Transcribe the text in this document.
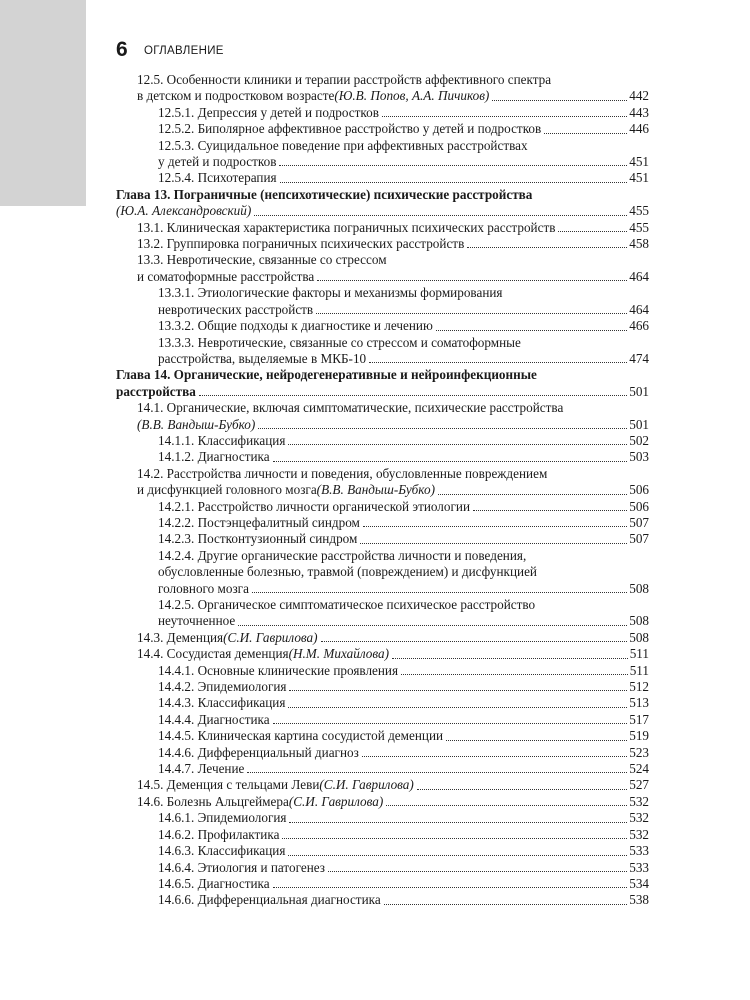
6 ОГЛАВЛЕНИЕ
12.5. Особенности клиники и терапии расстройств аффективного спектра
в детском и подростковом возрасте (Ю.В. Попов, А.А. Пичиков)	442
12.5.1. Депрессия у детей и подростков	443
12.5.2. Биполярное аффективное расстройство у детей и подростков	446
12.5.3. Суицидальное поведение при аффективных расстройствах
у детей и подростков	451
12.5.4. Психотерапия	451
Глава 13. Пограничные (непсихотические) психические расстройства
(Ю.А. Александровский)	455
13.1. Клиническая характеристика пограничных психических расстройств	455
13.2. Группировка пограничных психических расстройств	458
13.3. Невротические, связанные со стрессом
и соматоформные расстройства	464
13.3.1. Этиологические факторы и механизмы формирования
невротических расстройств	464
13.3.2. Общие подходы к диагностике и лечению	466
13.3.3. Невротические, связанные со стрессом и соматоформные
расстройства, выделяемые в МКБ-10	474
Глава 14. Органические, нейродегенеративные и нейроинфекционные
расстройства	501
14.1. Органические, включая симптоматические, психические расстройства
(В.В. Вандыш-Бубко)	501
14.1.1. Классификация	502
14.1.2. Диагностика	503
14.2. Расстройства личности и поведения, обусловленные повреждением
и дисфункцией головного мозга (В.В. Вандыш-Бубко)	506
14.2.1. Расстройство личности органической этиологии	506
14.2.2. Постэнцефалитный синдром	507
14.2.3. Постконтузионный синдром	507
14.2.4. Другие органические расстройства личности и поведения,
обусловленные болезнью, травмой (повреждением) и дисфункцией
головного мозга	508
14.2.5. Органическое симптоматическое психическое расстройство
неуточненное	508
14.3. Деменция (С.И. Гаврилова)	508
14.4. Сосудистая деменция (Н.М. Михайлова)	511
14.4.1. Основные клинические проявления	511
14.4.2. Эпидемиология	512
14.4.3. Классификация	513
14.4.4. Диагностика	517
14.4.5. Клиническая картина сосудистой деменции	519
14.4.6. Дифференциальный диагноз	523
14.4.7. Лечение	524
14.5. Деменция с тельцами Леви (С.И. Гаврилова)	527
14.6. Болезнь Альцгеймера (С.И. Гаврилова)	532
14.6.1. Эпидемиология	532
14.6.2. Профилактика	532
14.6.3. Классификация	533
14.6.4. Этиология и патогенез	533
14.6.5. Диагностика	534
14.6.6. Дифференциальная диагностика	538
